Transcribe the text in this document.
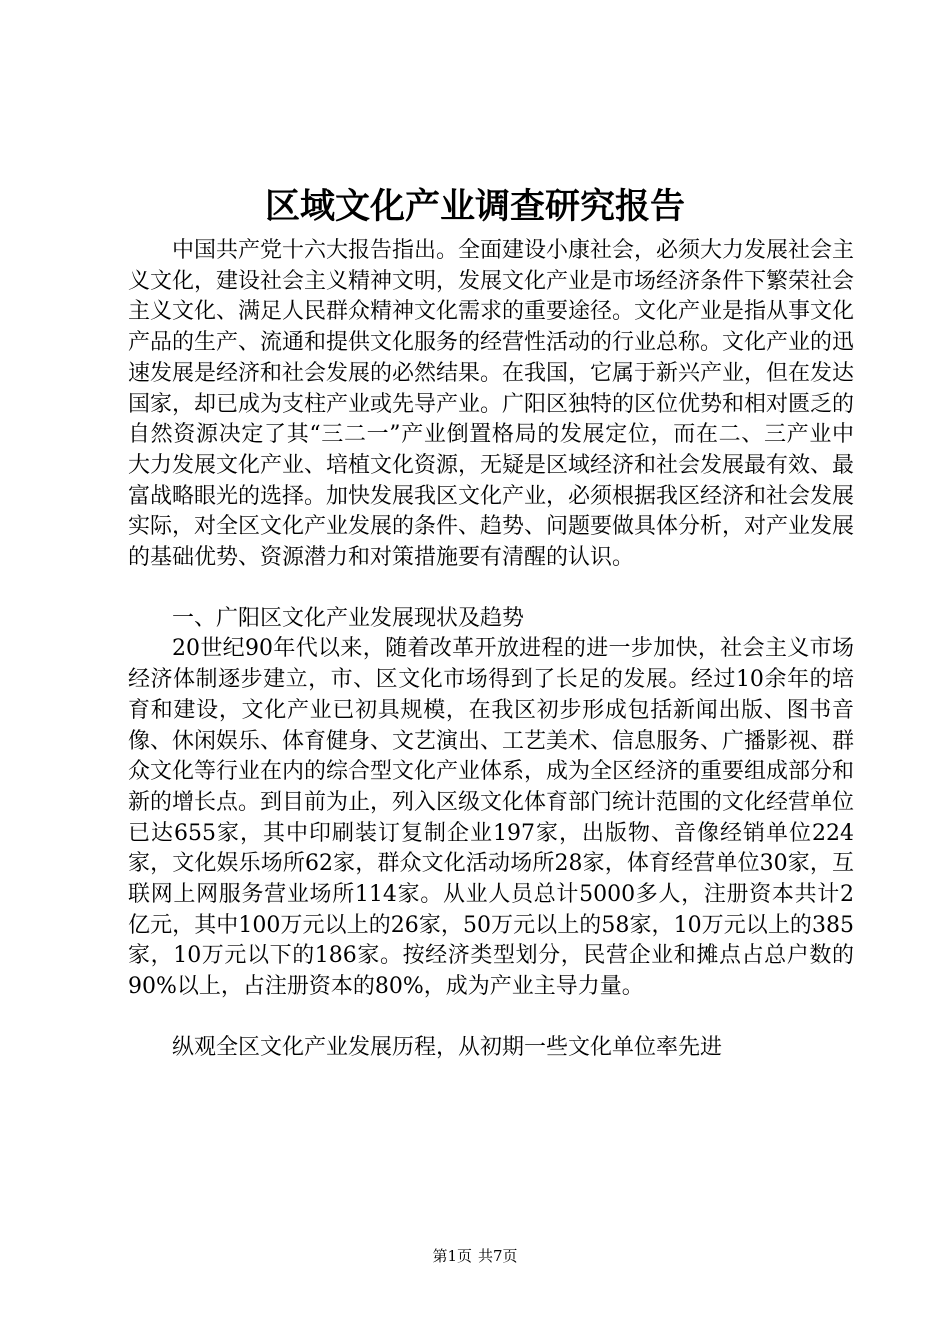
区域文化产业调查研究报告

中国共产党十六大报告指出。全面建设小康社会，必须大力发展社会主义文化，建设社会主义精神文明，发展文化产业是市场经济条件下繁荣社会主义文化、满足人民群众精神文化需求的重要途径。文化产业是指从事文化产品的生产、流通和提供文化服务的经营性活动的行业总称。文化产业的迅速发展是经济和社会发展的必然结果。在我国，它属于新兴产业，但在发达国家，却已成为支柱产业或先导产业。广阳区独特的区位优势和相对匮乏的自然资源决定了其“三二一”产业倒置格局的发展定位，而在二、三产业中大力发展文化产业、培植文化资源，无疑是区域经济和社会发展最有效、最富战略眼光的选择。加快发展我区文化产业，必须根据我区经济和社会发展实际，对全区文化产业发展的条件、趋势、问题要做具体分析，对产业发展的基础优势、资源潜力和对策措施要有清醒的认识。

一、广阳区文化产业发展现状及趋势

20世纪90年代以来，随着改革开放进程的进一步加快，社会主义市场经济体制逐步建立，市、区文化市场得到了长足的发展。经过10余年的培育和建设，文化产业已初具规模，在我区初步形成包括新闻出版、图书音像、休闲娱乐、体育健身、文艺演出、工艺美术、信息服务、广播影视、群众文化等行业在内的综合型文化产业体系，成为全区经济的重要组成部分和新的增长点。到目前为止，列入区级文化体育部门统计范围的文化经营单位已达655家，其中印刷装订复制企业197家，出版物、音像经销单位224家，文化娱乐场所62家，群众文化活动场所28家，体育经营单位30家，互联网上网服务营业场所114家。从业人员总计5000多人，注册资本共计2亿元，其中100万元以上的26家，50万元以上的58家，10万元以上的385家，10万元以下的186家。按经济类型划分，民营企业和摊点占总户数的90%以上，占注册资本的80%，成为产业主导力量。

纵观全区文化产业发展历程，从初期一些文化单位率先进

第1页 共7页
